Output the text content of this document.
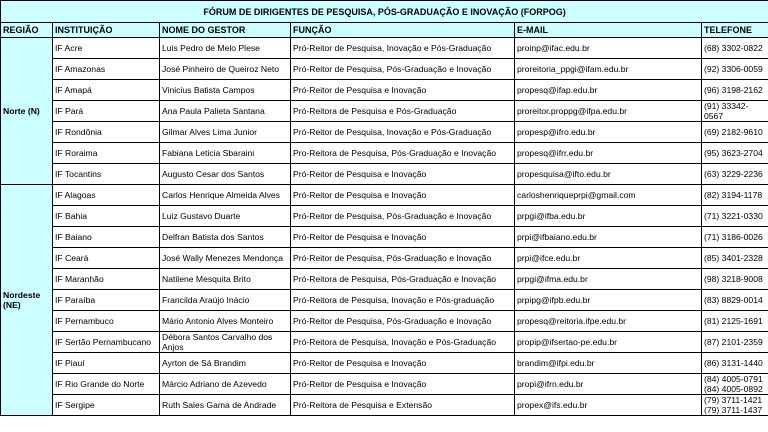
FÓRUM DE DIRIGENTES DE PESQUISA, PÓS-GRADUAÇÃO E INOVAÇÃO (FORPOG)					
REGIÃO	INSTITUIÇÃO	NOME DO GESTOR	FUNÇÃO	E-MAIL	TELEFONE
Norte (N)	IF Acre	Luis Pedro de Melo Plese	Pró-Reitor de Pesquisa, Inovação e Pós-Graduação	proinp@ifac.edu.br	(68) 3302-0822
	IF Amazonas	José Pinheiro de Queiroz Neto	Pró-Reitor de Pesquisa, Pós-Graduação e Inovação	proreitoria_ppgi@ifam.edu.br	(92) 3306-0059
	IF Amapá	Vinicius Batista Campos	Pró-Reitor de Pesquisa e Inovação	propesq@ifap.edu.br	(96) 3198-2162
	IF Pará	Ana Paula Palieta Santana	Pró-Reitora de Pesquisa e Pós-Graduação	proreitor.proppg@ifpa.edu.br	(91) 33342-0567
	IF Rondônia	Gilmar Alves Lima Junior	Pró-Reitor de Pesquisa, Inovação e Pós-Graduação	propesp@ifro.edu.br	(69) 2182-9610
	IF Roraima	Fabiana Leticia Sbaraini	Pro-Reitora de Pesquisa, Pós-Graduação e Inovação	propesq@ifrr.edu.br	(95) 3623-2704
	IF Tocantins	Augusto Cesar dos Santos	Pró-Reitor de Pesquisa e Inovação	propesquisa@ifto.edu.br	(63) 3229-2236
Nordeste (NE)	IF Alagoas	Carlos Henrique Almeida Alves	Pró-Reitor de Pesquisa e Inovação	carloshenriqueprpi@gmail.com	(82) 3194-1178
	IF Bahia	Luiz Gustavo Duarte	Pró-Reitor de Pesquisa, Pós-Graduação e Inovação	prpgi@ifba.edu.br	(71) 3221-0330
	IF Baiano	Delfran Batista dos Santos	Pró-Reitor de Pesquisa e Inovação	prpi@ifbaiano.edu.br	(71) 3186-0026
	IF Ceará	José Wally Menezes Mendonça	Pró-Reitor de Pesquisa, Pós-Graduação e Inovação	prpi@ifce.edu.br	(85) 3401-2328
	IF Maranhão	Natilene Mesquita Brito	Pró-Reitora de Pesquisa, Pós-Graduação e Inovação	prpgi@ifma.edu.br	(98) 3218-9008
	IF Paraíba	Francilda Araújo Inácio	Pró-Reitora de Pesquisa, Inovação e Pós-graduação	prpipg@ifpb.edu.br	(83) 8829-0014
	IF Pernambuco	Mário Antonio Alves Monteiro	Pró-Reitor de Pesquisa, Pós-Graduação e Inovação	propesq@reitoria.ifpe.edu.br	(81) 2125-1691
	IF Sertão Pernambucano	Débora Santos Carvalho dos Anjos	Pró-Reitora de Pesquisa, Inovação e Pós-Graduação	propip@ifsertao-pe.edu.br	(87) 2101-2359
	IF Piauí	Ayrton de Sá Brandim	Pró-Reitor de Pesquisa e Inovação	brandim@ifpi.edu.br	(86) 3131-1440
	IF Rio Grande do Norte	Márcio Adriano de Azevedo	Pró-Reitor de Pesquisa e Inovação	propi@ifrn.edu.br	(84) 4005-0791
(84) 4005-0892
	IF Sergipe	Ruth Sales Gama de Andrade	Pró-Reitora de Pesquisa e Extensão	propex@ifs.edu.br	(79) 3711-1421
(79) 3711-1437
